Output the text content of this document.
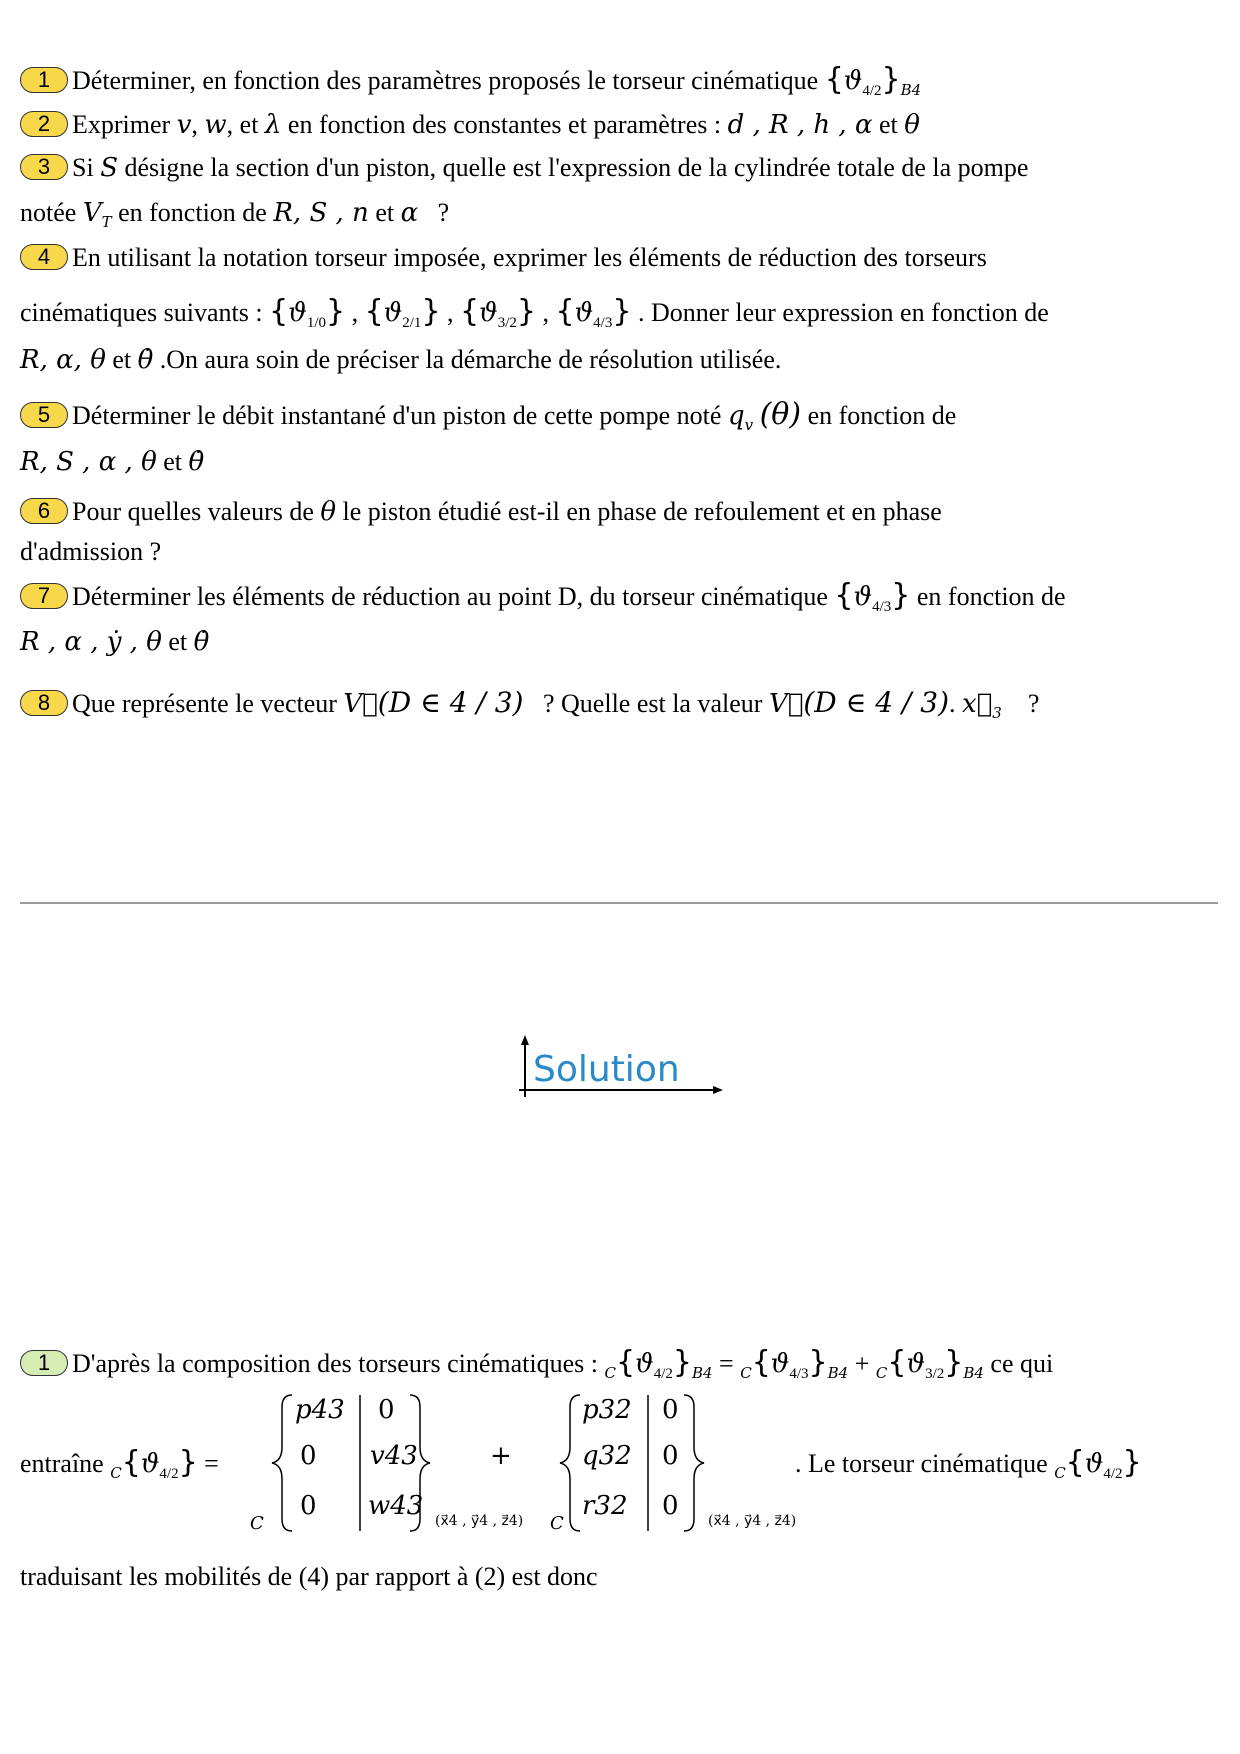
1 Déterminer, en fonction des paramètres proposés le torseur cinématique $\{ϑ_{4/2}\}_{B4}$
2 Exprimer v, w, et λ en fonction des constantes et paramètres : d , R , h , α et θ
3 Si S désigne la section d'un piston, quelle est l'expression de la cylindrée totale de la pompe
notée $V_T$ en fonction de R, S , n et α ?
4 En utilisant la notation torseur imposée, exprimer les éléments de réduction des torseurs
cinématiques suivants : $\{ϑ_{1/0}\}$ , $\{ϑ_{2/1}\}$ , $\{ϑ_{3/2}\}$ , $\{ϑ_{4/3}\}$ . Donner leur expression en fonction de
R, α, θ et θ̇ .On aura soin de préciser la démarche de résolution utilisée.
5 Déterminer le débit instantané d'un piston de cette pompe noté $q_v$ (θ) en fonction de
R, S , α , θ et θ̇
6 Pour quelles valeurs de θ le piston étudié est-il en phase de refoulement et en phase
d'admission ?
7 Déterminer les éléments de réduction au point D, du torseur cinématique $\{ϑ_{4/3}\}$ en fonction de
R , α , ẏ , θ et θ̇
8 Que représente le vecteur V⃗(D ∈ 4 / 3) ? Quelle est la valeur V⃗(D ∈ 4 / 3). $x⃗_3$ ?
Solution
1 D'après la composition des torseurs cinématiques : $_C\{ϑ_{4/2}\}_{B4} = _C\{ϑ_{4/3}\}_{B4} + _C\{ϑ_{3/2}\}_{B4}$ ce qui
entraîne $_C\{ϑ_{4/2}\}$ =
p43
0
0
0
v43
w43 (x⃗4 , y⃗4 , z⃗4)
C
+
p32
q32
r32
0
0
0 (x⃗4 , y⃗4 , z⃗4)
C
. Le torseur cinématique $_C\{ϑ_{4/2}\}$
traduisant les mobilités de (4) par rapport à (2) est donc
